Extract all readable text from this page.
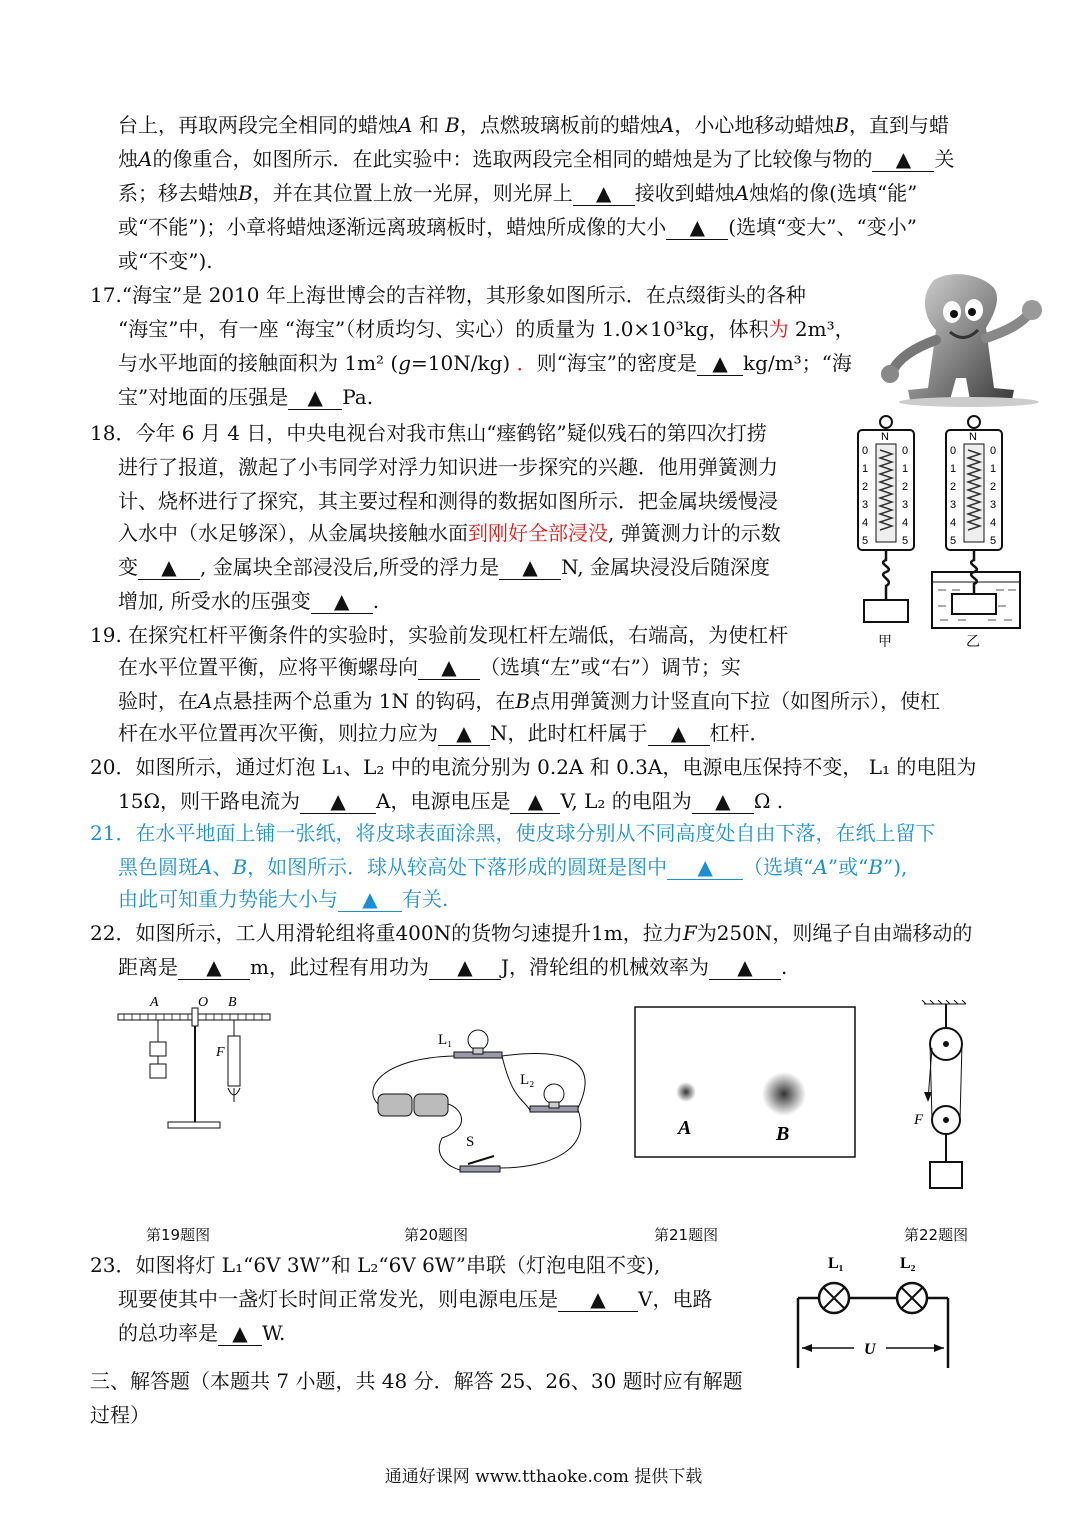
台上，再取两段完全相同的蜡烛A 和 B，点燃玻璃板前的蜡烛A，小心地移动蜡烛B，直到与蜡
烛A的像重合，如图所示．在此实验中：选取两段完全相同的蜡烛是为了比较像与物的 ▲ 关
系；移去蜡烛B，并在其位置上放一光屏，则光屏上 ▲ 接收到蜡烛A烛焰的像(选填“能”
或“不能”)；小章将蜡烛逐渐远离玻璃板时，蜡烛所成像的大小 ▲ (选填“变大”、“变小”
或“不变”).
17.“海宝”是 2010 年上海世博会的吉祥物，其形象如图所示．在点缀街头的各种
“海宝”中，有一座 “海宝”（材质均匀、实心）的质量为 1.0×10³kg，体积为 2m³，
与水平地面的接触面积为 1m² (g=10N/kg) ．则“海宝”的密度是 ▲ kg/m³；“海
宝”对地面的压强是 ▲ Pa.
18．今年 6 月 4 日，中央电视台对我市焦山“瘗鹤铭”疑似残石的第四次打捞
进行了报道，激起了小韦同学对浮力知识进一步探究的兴趣．他用弹簧测力
计、烧杯进行了探究，其主要过程和测得的数据如图所示．把金属块缓慢浸
入水中（水足够深），从金属块接触水面到刚好全部浸没, 弹簧测力计的示数
变 ▲ , 金属块全部浸没后,所受的浮力是 ▲ N, 金属块浸没后随深度
增加, 所受水的压强变 ▲ .
N
0
1
2
3
4
5
0
1
2
3
4
5
甲
N
0
1
2
3
4
5
0
1
2
3
4
5
乙
19. 在探究杠杆平衡条件的实验时，实验前发现杠杆左端低，右端高，为使杠杆
在水平位置平衡，应将平衡螺母向 ▲ （选填“左”或“右”）调节；实
验时，在A点悬挂两个总重为 1N 的钩码，在B点用弹簧测力计竖直向下拉（如图所示），使杠
杆在水平位置再次平衡，则拉力应为 ▲ N，此时杠杆属于 ▲ 杠杆．
20．如图所示，通过灯泡 L₁、L₂ 中的电流分别为 0.2A 和 0.3A，电源电压保持不变， L₁ 的电阻为
15Ω，则干路电流为 ▲ A，电源电压是 ▲ V, L₂ 的电阻为 ▲ Ω .
21．在水平地面上铺一张纸，将皮球表面涂黑，使皮球分别从不同高度处自由下落，在纸上留下
黑色圆斑A、B，如图所示．球从较高处下落形成的圆斑是图中 ▲ （选填“A”或“B”),
由此可知重力势能大小与 ▲ 有关.
22．如图所示，工人用滑轮组将重400N的货物匀速提升1m，拉力F为250N，则绳子自由端移动的
距离是 ▲ m，此过程有用功为 ▲ J，滑轮组的机械效率为 ▲ .
A	O B
F
L₁
L₂
S
A	B
F
第19题图	第20题图	第21题图	第22题图
23．如图将灯 L₁“6V 3W”和 L₂“6V 6W”串联（灯泡电阻不变),
现要使其中一盏灯长时间正常发光，则电源电压是 ▲ V，电路
的总功率是 ▲ W.
L₁	L₂
U
三、解答题（本题共 7 小题，共 48 分．解答 25、26、30 题时应有解题
过程）
通通好课网 www.tthaoke.com 提供下载
